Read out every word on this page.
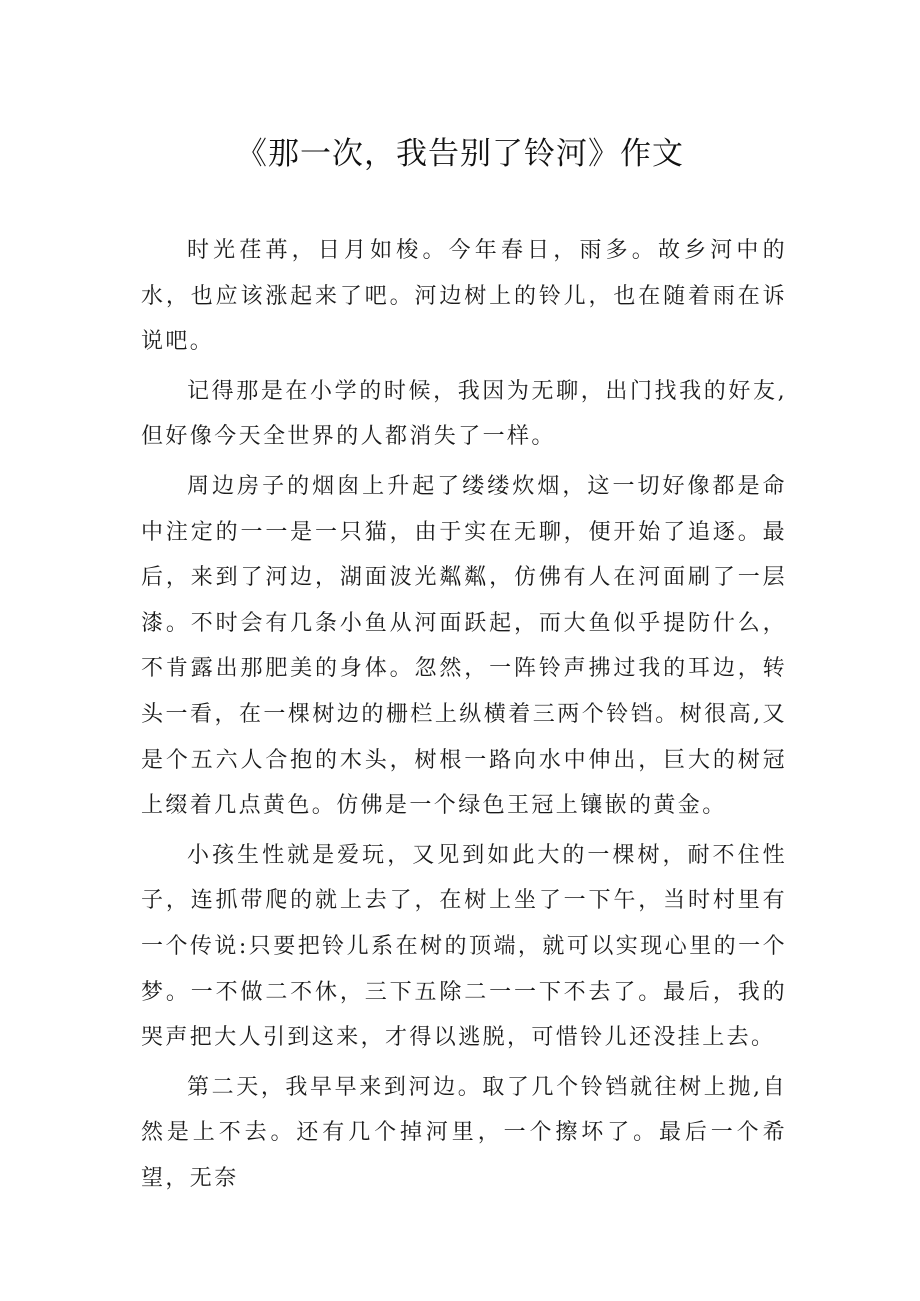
《那一次，我告别了铃河》作文

时光荏苒，日月如梭。今年春日，雨多。故乡河中的水，也应该涨起来了吧。河边树上的铃儿，也在随着雨在诉说吧。

记得那是在小学的时候，我因为无聊，出门找我的好友,但好像今天全世界的人都消失了一样。

周边房子的烟囱上升起了缕缕炊烟，这一切好像都是命中注定的一一是一只猫，由于实在无聊，便开始了追逐。最后，来到了河边，湖面波光粼粼，仿佛有人在河面刷了一层漆。不时会有几条小鱼从河面跃起，而大鱼似乎提防什么，不肯露出那肥美的身体。忽然，一阵铃声拂过我的耳边，转头一看，在一棵树边的栅栏上纵横着三两个铃铛。树很高,又是个五六人合抱的木头，树根一路向水中伸出，巨大的树冠上缀着几点黄色。仿佛是一个绿色王冠上镶嵌的黄金。

小孩生性就是爱玩，又见到如此大的一棵树，耐不住性子，连抓带爬的就上去了，在树上坐了一下午，当时村里有一个传说:只要把铃儿系在树的顶端，就可以实现心里的一个梦。一不做二不休，三下五除二一一下不去了。最后，我的哭声把大人引到这来，才得以逃脱，可惜铃儿还没挂上去。

第二天，我早早来到河边。取了几个铃铛就往树上抛,自然是上不去。还有几个掉河里，一个擦坏了。最后一个希望，无奈
